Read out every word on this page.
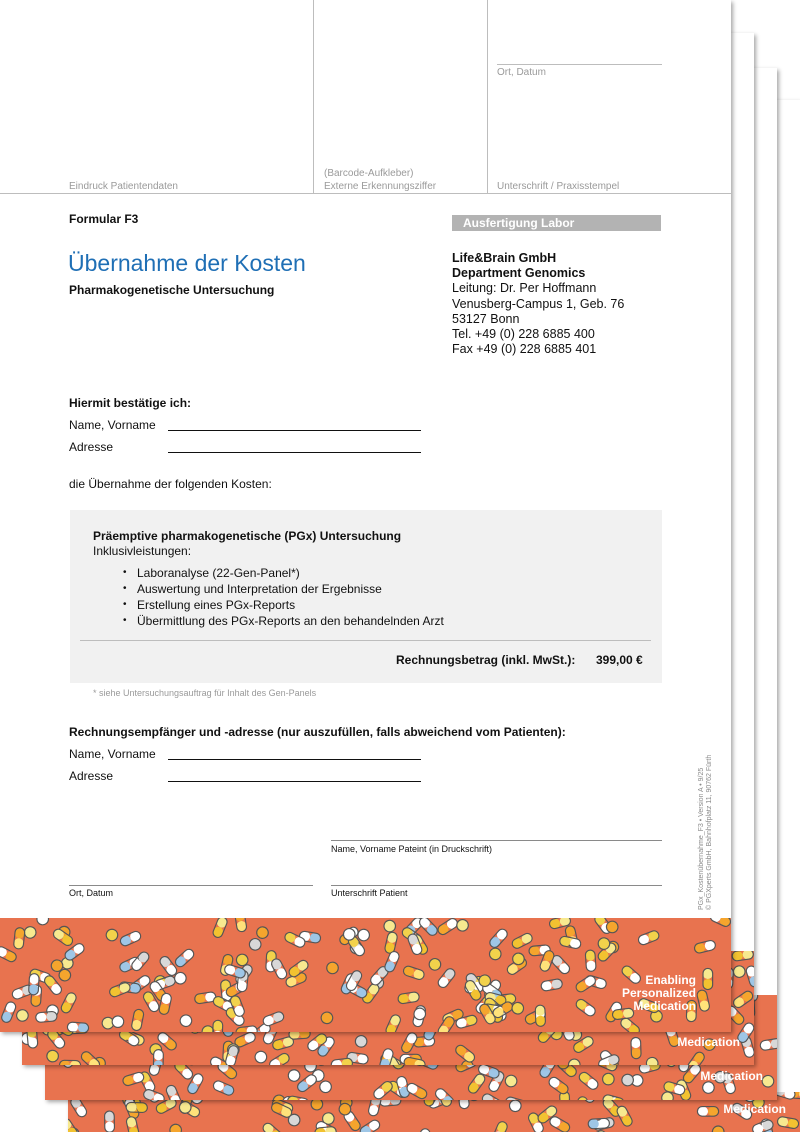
Medication
Medication
Medication
Ort, Datum
Eindruck Patientendaten
(Barcode-Aufkleber)
Externe Erkennungsziffer	Unterschrift / Praxisstempel
Formular F3	Ausfertigung Labor
Übernahme der Kosten
Pharmakogenetische Untersuchung
Life&Brain GmbH
Department Genomics
Leitung: Dr. Per Hoffmann
Venusberg-Campus 1, Geb. 76
53127 Bonn
Tel. +49 (0) 228 6885 400
Fax +49 (0) 228 6885 401
Hiermit bestätige ich:
Name, Vorname
Adresse
die Übernahme der folgenden Kosten:
Präemptive pharmakogenetische (PGx) Untersuchung
Inklusivleistungen:
• Laboranalyse (22-Gen-Panel*)
• Auswertung und Interpretation der Ergebnisse
• Erstellung eines PGx-Reports
• Übermittlung des PGx-Reports an den behandelnden Arzt
Rechnungsbetrag (inkl. MwSt.): 399,00 €
* siehe Untersuchungsauftrag für Inhalt des Gen-Panels
Rechnungsempfänger und -adresse (nur auszufüllen, falls abweichend vom Patienten):
Name, Vorname
Adresse
Name, Vorname Pateint (in Druckschrift)
Ort, Datum	Unterschrift Patient	PGx_Kostenübernahme_F3 • Version A • 9/25 © PGXperts GmbH, Bahnhofplatz 11, 90762 Fürth
Enabling
Personalized
Medication
